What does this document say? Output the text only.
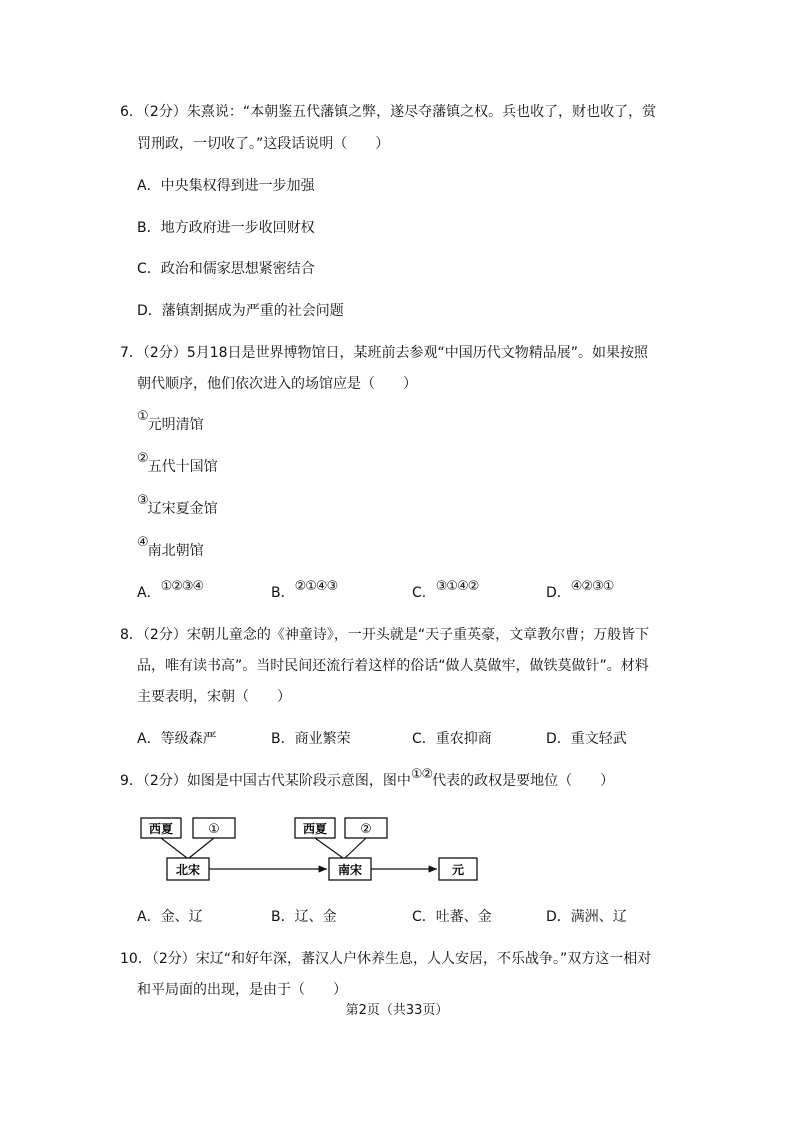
6．（2分）朱熹说：“本朝鉴五代藩镇之弊，遂尽夺藩镇之权。兵也收了，财也收了，赏
罚刑政，一切收了。”这段话说明（　　）
A．中央集权得到进一步加强
B．地方政府进一步收回财权
C．政治和儒家思想紧密结合
D．藩镇割据成为严重的社会问题
7．（2分）5月18日是世界博物馆日，某班前去参观“中国历代文物精品展”。如果按照
朝代顺序，他们依次进入的场馆应是（　　）
①元明清馆
②五代十国馆
③辽宋夏金馆
④南北朝馆
A．①②③④	B．②①④③	C．③①④②	D．④②③①
8．（2分）宋朝儿童念的《神童诗》，一开头就是“天子重英豪，文章教尔曹；万般皆下
品，唯有读书高”。当时民间还流行着这样的俗话“做人莫做牢，做铁莫做针”。材料
主要表明，宋朝（　　）
A．等级森严	B．商业繁荣	C．重农抑商	D．重文轻武
9．（2分）如图是中国古代某阶段示意图，图中①②代表的政权是要地位（　　）
西夏	①
北宋
西夏	②
南宋	元
A．金、辽	B．辽、金	C．吐蕃、金	D．满洲、辽
10．（2分）宋辽“和好年深，蕃汉人户休养生息，人人安居，不乐战争。”双方这一相对
和平局面的出现，是由于（　　）
第2页（共33页）
